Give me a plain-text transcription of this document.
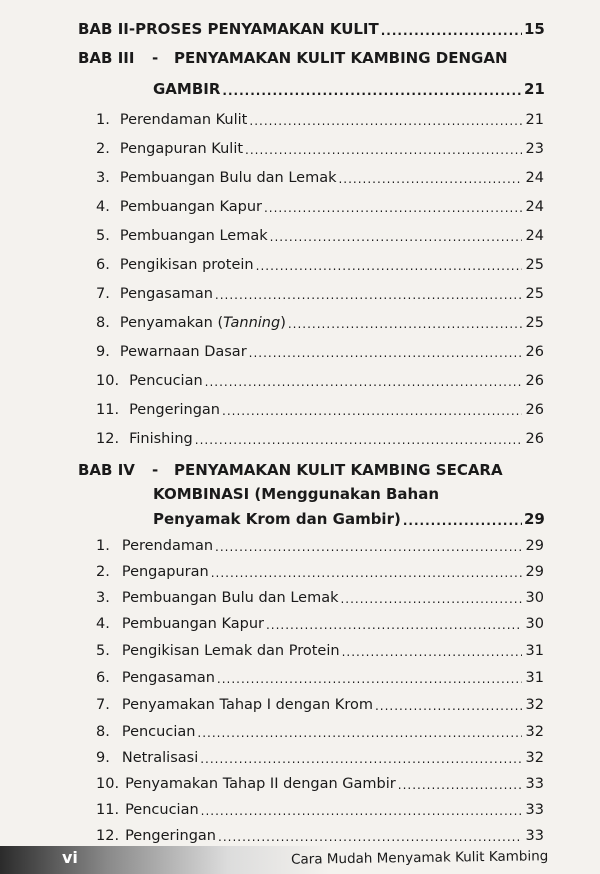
BAB II - PROSES PENYAMAKAN KULIT .....	15
BAB III	-	PENYAMAKAN KULIT KAMBING DENGAN
GAMBIR .....	21
1. Perendaman Kulit .....	21
2. Pengapuran Kulit .....	23
3. Pembuangan Bulu dan Lemak .....	24
4. Pembuangan Kapur .....	24
5. Pembuangan Lemak .....	24
6. Pengikisan protein .....	25
7. Pengasaman .....	25
8. Penyamakan (Tanning) .....	25
9. Pewarnaan Dasar .....	26
10. Pencucian .....	26
11. Pengeringan .....	26
12. Finishing .....	26
BAB IV	-	PENYAMAKAN KULIT KAMBING SECARA
KOMBINASI (Menggunakan Bahan
Penyamak Krom dan Gambir) .....	29
1. Perendaman .....	29
2. Pengapuran .....	29
3. Pembuangan Bulu dan Lemak .....	30
4. Pembuangan Kapur .....	30
5. Pengikisan Lemak dan Protein .....	31
6. Pengasaman .....	31
7. Penyamakan Tahap I dengan Krom .....	32
8. Pencucian .....	32
9. Netralisasi .....	32
10. Penyamakan Tahap II dengan Gambir .....	33
11. Pencucian .....	33
12. Pengeringan .....	33
vi	Cara Mudah Menyamak Kulit Kambing
